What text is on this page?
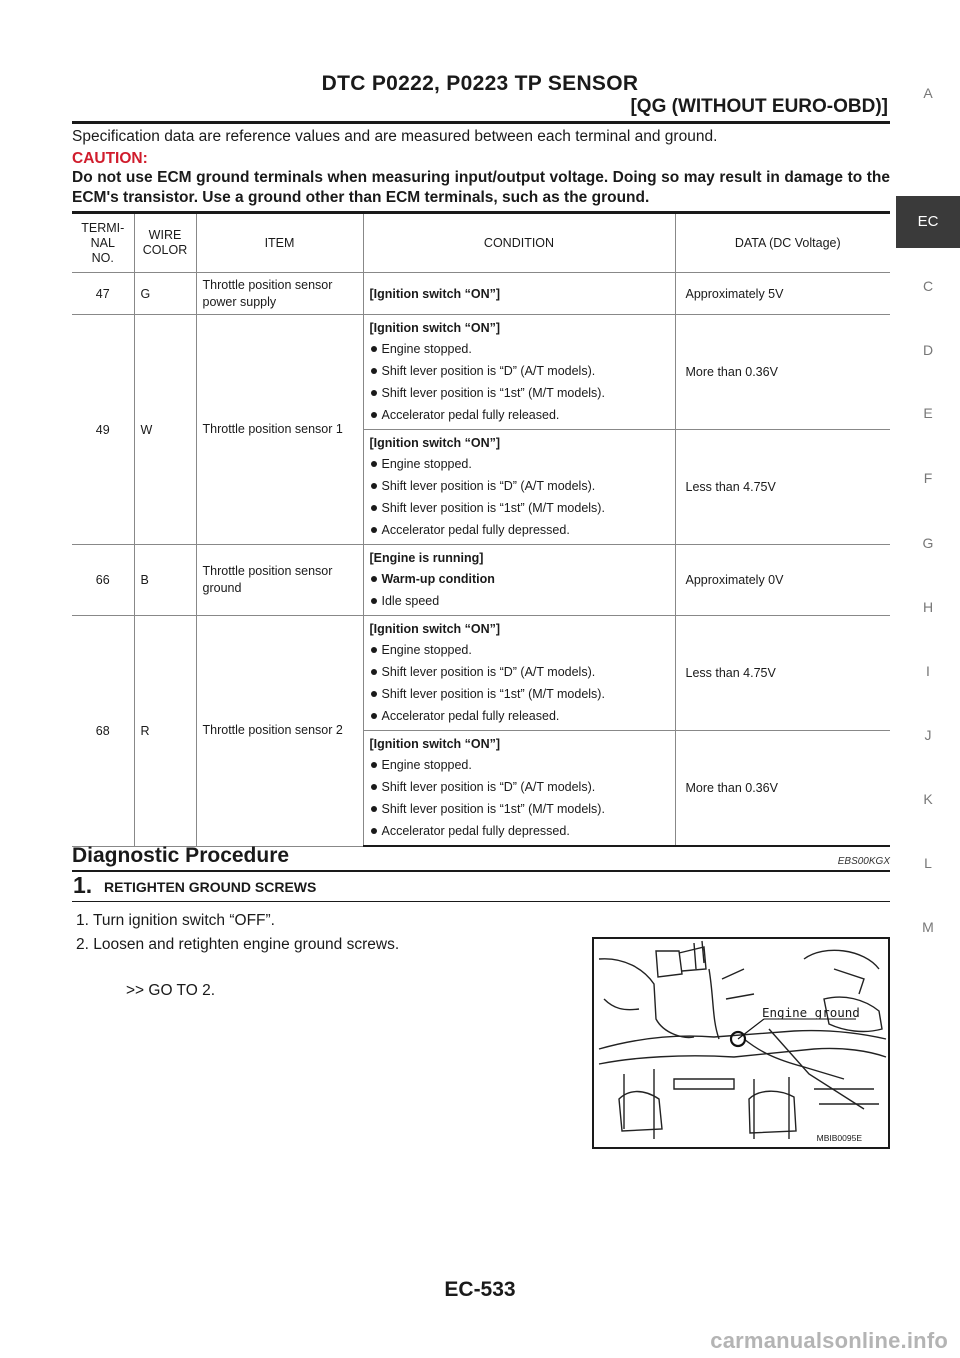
DTC P0222, P0223 TP SENSOR
[QG (WITHOUT EURO-OBD)]
A
EC
C
D
E
F
G
H
I
J
K
L
M
Specification data are reference values and are measured between each terminal and ground.
CAUTION:
Do not use ECM ground terminals when measuring input/output voltage. Doing so may result in damage to the ECM's transistor. Use a ground other than ECM terminals, such as the ground.
TERMI-
NAL
NO.	WIRE
COLOR	ITEM	CONDITION	DATA (DC Voltage)
47	G	Throttle position sensor power supply	[Ignition switch “ON”]	Approximately 5V
49	W	Throttle position sensor 1	[Ignition switch “ON”]
Engine stopped.
Shift lever position is “D” (A/T models).
Shift lever position is “1st” (M/T models).
Accelerator pedal fully released.	More than 0.36V

			[Ignition switch “ON”]
Engine stopped.
Shift lever position is “D” (A/T models).
Shift lever position is “1st” (M/T models).
Accelerator pedal fully depressed.	Less than 4.75V
66	B	Throttle position sensor ground	[Engine is running]
Warm-up condition
Idle speed	Approximately 0V
68	R	Throttle position sensor 2	[Ignition switch “ON”]
Engine stopped.
Shift lever position is “D” (A/T models).
Shift lever position is “1st” (M/T models).
Accelerator pedal fully released.	Less than 4.75V

			[Ignition switch “ON”]
Engine stopped.
Shift lever position is “D” (A/T models).
Shift lever position is “1st” (M/T models).
Accelerator pedal fully depressed.	More than 0.36V
Diagnostic Procedure	EBS00KGX
1. RETIGHTEN GROUND SCREWS
1. Turn ignition switch “OFF”.
2. Loosen and retighten engine ground screws.
>> GO TO 2.
Engine ground
MBIB0095E
EC-533
carmanualsonline.info
